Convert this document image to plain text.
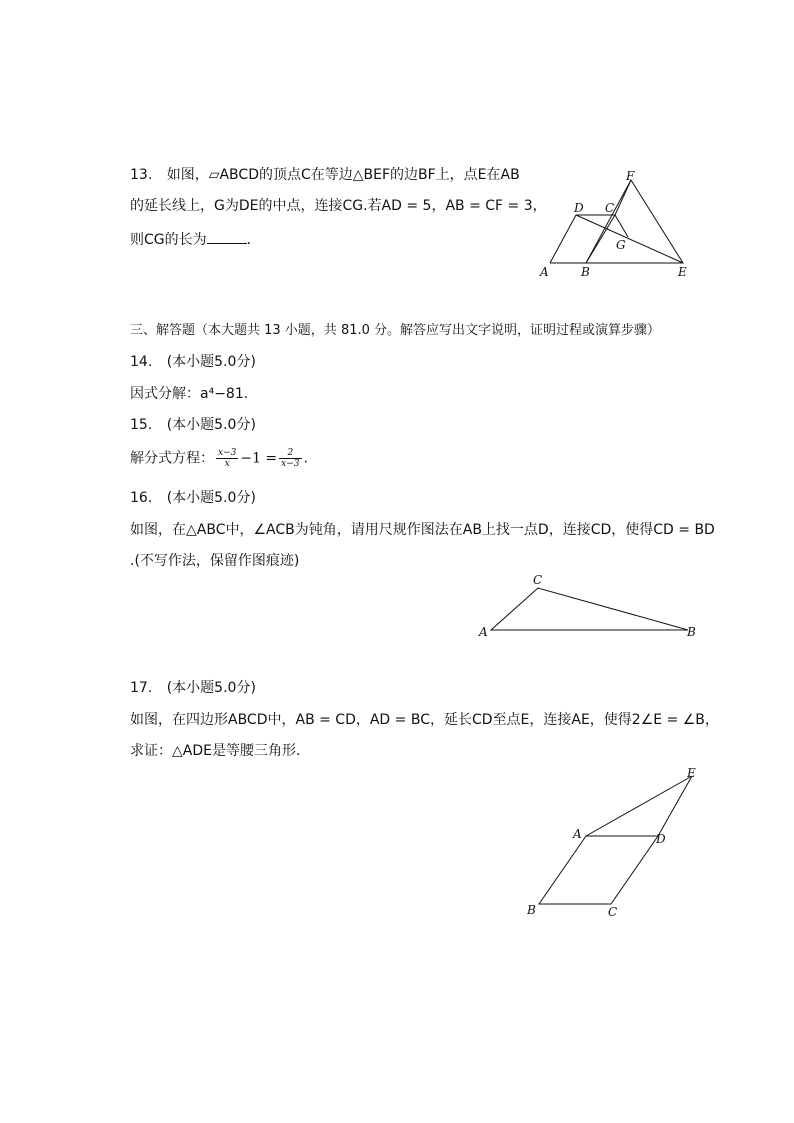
13. 如图，▱ABCD的顶点C在等边△BEF的边BF上，点E在AB
的延长线上，G为DE的中点，连接CG.若AD = 5，AB = CF = 3，
则CG的长为	．
F
D C
G
A	B	E
三、解答题（本大题共 13 小题，共 81.0 分。解答应写出文字说明，证明过程或演算步骤）
14. (本小题5.0分)
因式分解：a⁴−81.
15. (本小题5.0分)
解分式方程： $\frac{x-3}{x} -1 = \frac{2}{x-3}$ .
16. (本小题5.0分)
如图，在△ABC中，∠ACB为钝角，请用尺规作图法在AB上找一点D，连接CD，使得CD = BD
.(不写作法，保留作图痕迹)
C
A	B
17. (本小题5.0分)
如图，在四边形ABCD中，AB = CD，AD = BC，延长CD至点E，连接AE，使得2∠E = ∠B，
求证：△ADE是等腰三角形．
E
A	D
B	C
